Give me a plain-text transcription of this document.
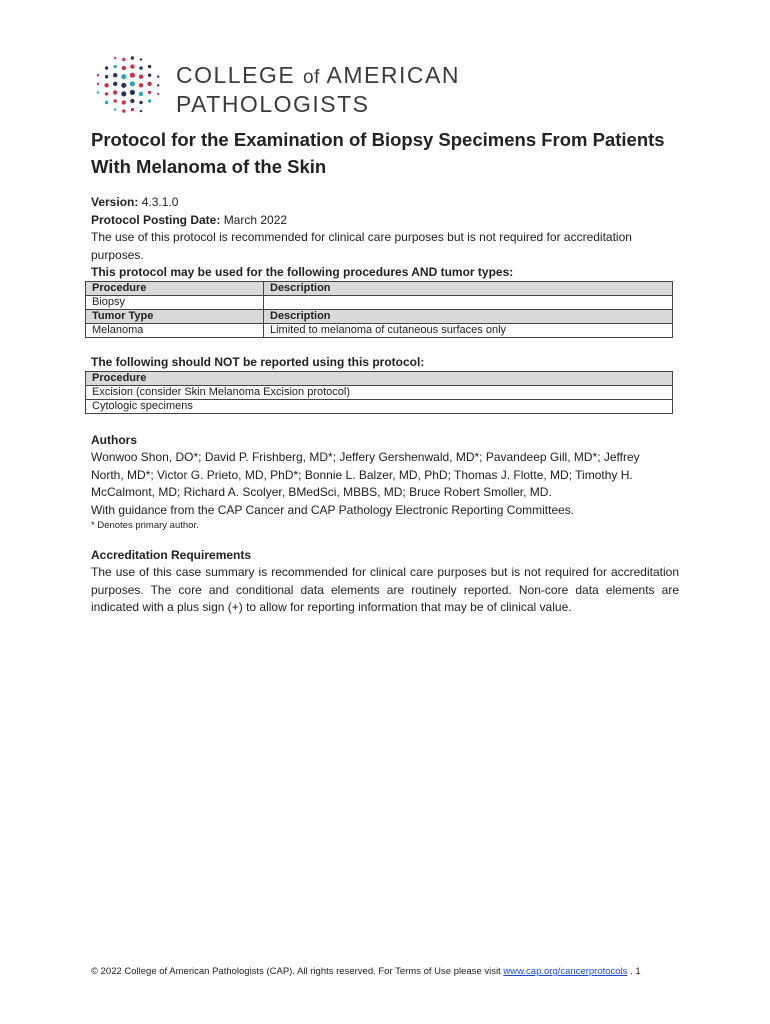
COLLEGE of AMERICAN
PATHOLOGISTS
Protocol for the Examination of Biopsy Specimens From Patients With Melanoma of the Skin

Version: 4.3.1.0

Protocol Posting Date: March 2022

The use of this protocol is recommended for clinical care purposes but is not required for accreditation purposes.

This protocol may be used for the following procedures AND tumor types:

Procedure	Description
Biopsy	
Tumor Type	Description
Melanoma	Limited to melanoma of cutaneous surfaces only
The following should NOT be reported using this protocol:
Procedure
Excision (consider Skin Melanoma Excision protocol)
Cytologic specimens
Authors

Wonwoo Shon, DO*; David P. Frishberg, MD*; Jeffery Gershenwald, MD*; Pavandeep Gill, MD*; Jeffrey North, MD*; Victor G. Prieto, MD, PhD*; Bonnie L. Balzer, MD, PhD; Thomas J. Flotte, MD; Timothy H. McCalmont, MD; Richard A. Scolyer, BMedSci, MBBS, MD; Bruce Robert Smoller, MD.

With guidance from the CAP Cancer and CAP Pathology Electronic Reporting Committees.

* Denotes primary author.

Accreditation Requirements

The use of this case summary is recommended for clinical care purposes but is not required for accreditation purposes. The core and conditional data elements are routinely reported. Non-core data elements are indicated with a plus sign (+) to allow for reporting information that may be of clinical value.

© 2022 College of American Pathologists (CAP). All rights reserved. For Terms of Use please visit www.cap.org/cancerprotocols . 1
